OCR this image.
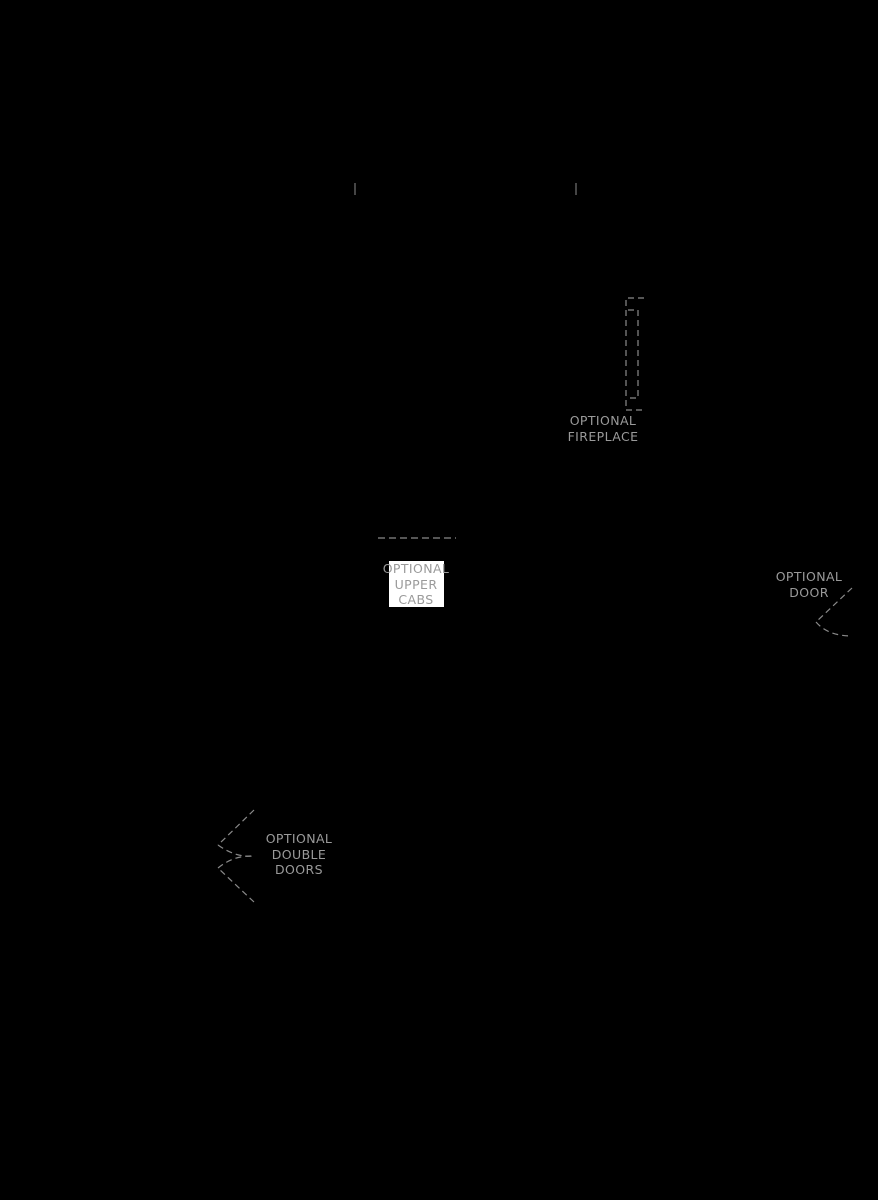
OPTIONAL
FIREPLACE
OPTIONAL
UPPER
CABS
OPTIONAL
DOOR
OPTIONAL
DOUBLE
DOORS
